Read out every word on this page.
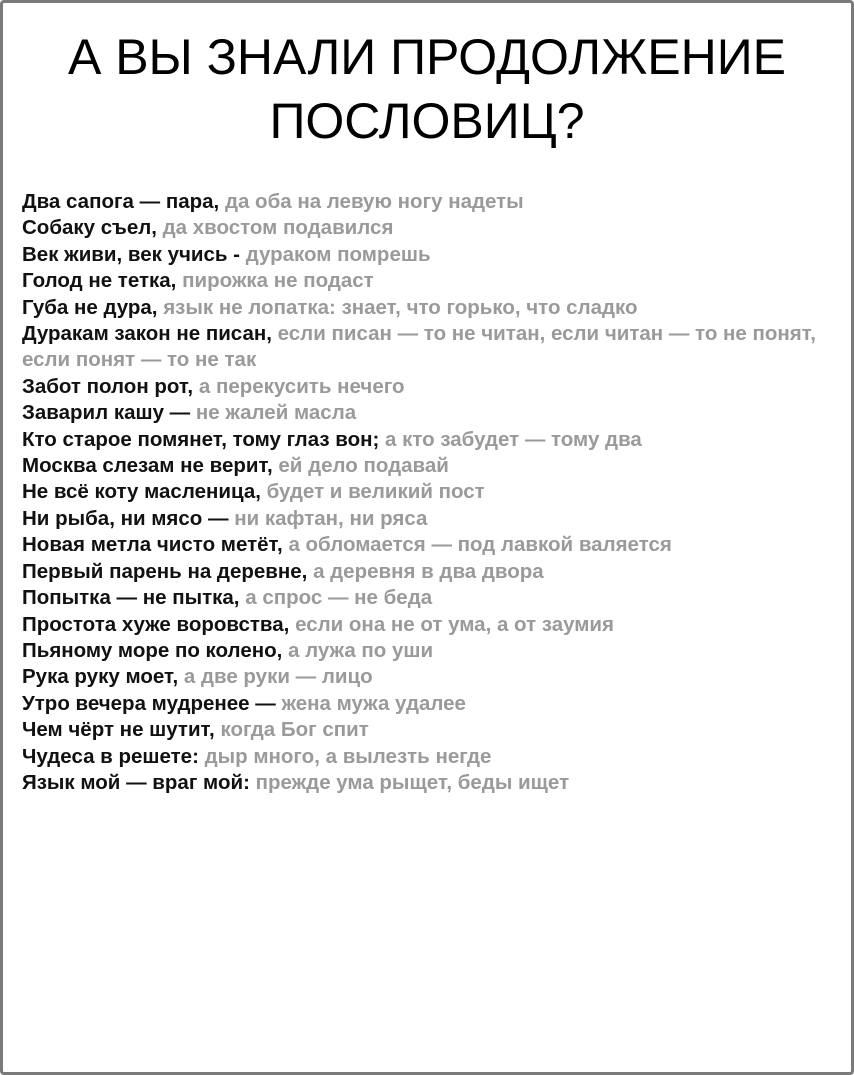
А ВЫ ЗНАЛИ ПРОДОЛЖЕНИЕ
ПОСЛОВИЦ?
Два сапога — пара, да оба на левую ногу надеты
Собаку съел, да хвостом подавился
Век живи, век учись - дураком помрешь
Голод не тетка, пирожка не подаст
Губа не дура, язык не лопатка: знает, что горько, что сладко
Дуракам закон не писан, если писан — то не читан, если читан — то не понят, если понят — то не так
Забот полон рот, а перекусить нечего
Заварил кашу — не жалей масла
Кто старое помянет, тому глаз вон; а кто забудет — тому два
Москва слезам не верит, ей дело подавай
Не всё коту масленица, будет и великий пост
Ни рыба, ни мясо — ни кафтан, ни ряса
Новая метла чисто метёт, а обломается — под лавкой валяется
Первый парень на деревне, а деревня в два двора
Попытка — не пытка, а спрос — не беда
Простота хуже воровства, если она не от ума, а от заумия
Пьяному море по колено, а лужа по уши
Рука руку моет, а две руки — лицо
Утро вечера мудренее — жена мужа удалее
Чем чёрт не шутит, когда Бог спит
Чудеса в решете: дыр много, а вылезть негде
Язык мой — враг мой: прежде ума рыщет, беды ищет
